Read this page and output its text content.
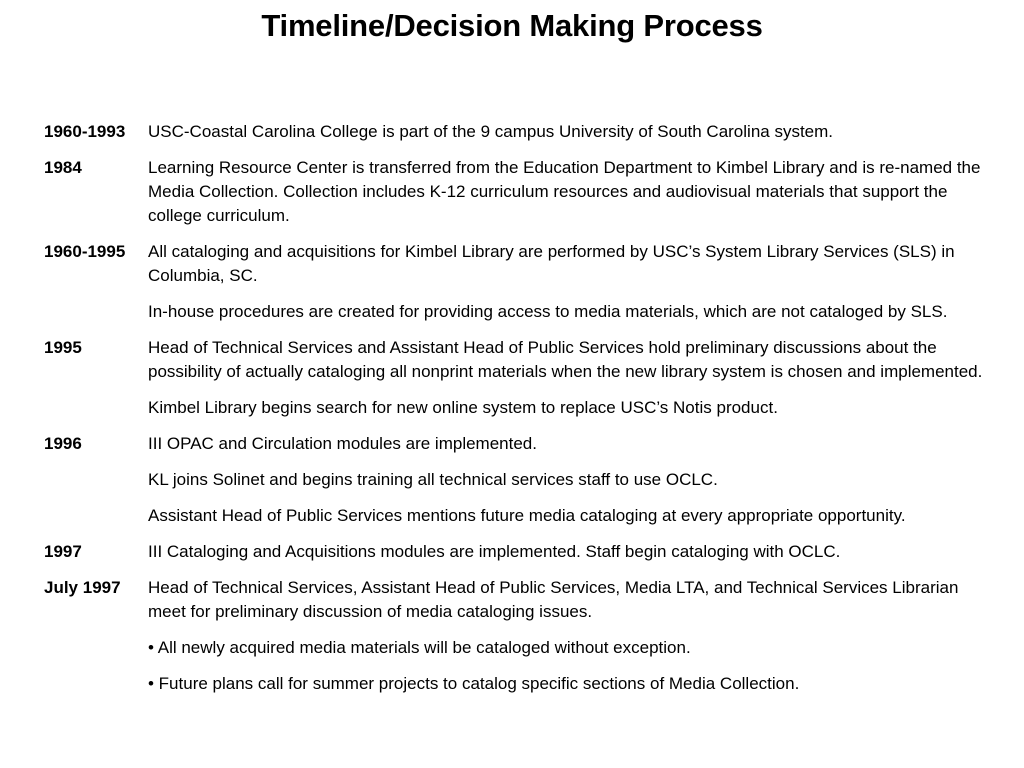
Timeline/Decision Making Process
1960-1993 USC-Coastal Carolina College is part of the 9 campus University of South Carolina system.
1984	Learning Resource Center is transferred from the Education Department to Kimbel Library and is re-named the Media Collection. Collection includes K-12 curriculum resources and audiovisual materials that support the college curriculum.
1960-1995 All cataloging and acquisitions for Kimbel Library are performed by USC’s System Library Services (SLS) in Columbia, SC.
In-house procedures are created for providing access to media materials, which are not cataloged by SLS.
1995	Head of Technical Services and Assistant Head of Public Services hold preliminary discussions about the possibility of actually cataloging all nonprint materials when the new library system is chosen and implemented.
Kimbel Library begins search for new online system to replace USC’s Notis product.
1996	III OPAC and Circulation modules are implemented.
KL joins Solinet and begins training all technical services staff to use OCLC.
Assistant Head of Public Services mentions future media cataloging at every appropriate opportunity.
1997	III Cataloging and Acquisitions modules are implemented. Staff begin cataloging with OCLC.
July 1997 Head of Technical Services, Assistant Head of Public Services, Media LTA, and Technical Services Librarian meet for preliminary discussion of media cataloging issues.
• All newly acquired media materials will be cataloged without exception.
• Future plans call for summer projects to catalog specific sections of Media Collection.
